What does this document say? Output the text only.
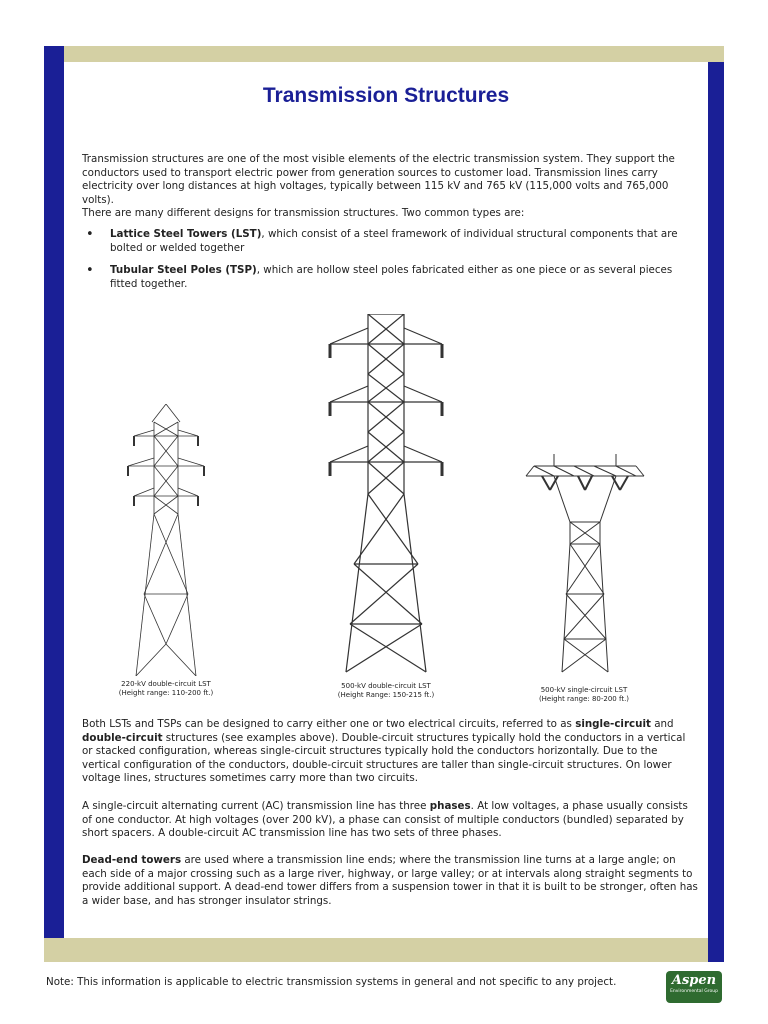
Transmission Structures

Transmission structures are one of the most visible elements of the electric transmission system. They support the conductors used to transport electric power from generation sources to customer load. Transmission lines carry electricity over long distances at high voltages, typically between 115 kV and 765 kV (115,000 volts and 765,000 volts).

There are many different designs for transmission structures. Two common types are:

• Lattice Steel Towers (LST), which consist of a steel framework of individual structural components that are bolted or welded together
• Tubular Steel Poles (TSP), which are hollow steel poles fabricated either as one piece or as several pieces fitted together.
220-kV double-circuit LST
(Height range: 110-200 ft.)
500-kV double-circuit LST
(Height Range: 150-215 ft.)
500-kV single-circuit LST
(Height range: 80-200 ft.)

Both LSTs and TSPs can be designed to carry either one or two electrical circuits, referred to as single-circuit and double-circuit structures (see examples above). Double-circuit structures typically hold the conductors in a vertical or stacked configuration, whereas single-circuit structures typically hold the conductors horizontally. Due to the vertical configuration of the conductors, double-circuit structures are taller than single-circuit structures. On lower voltage lines, structures sometimes carry more than two circuits.

A single-circuit alternating current (AC) transmission line has three phases. At low voltages, a phase usually consists of one conductor. At high voltages (over 200 kV), a phase can consist of multiple conductors (bundled) separated by short spacers. A double-circuit AC transmission line has two sets of three phases.

Dead-end towers are used where a transmission line ends; where the transmission line turns at a large angle; on each side of a major crossing such as a large river, highway, or large valley; or at intervals along straight segments to provide additional support. A dead-end tower differs from a suspension tower in that it is built to be stronger, often has a wider base, and has stronger insulator strings.

Note: This information is applicable to electric transmission systems in general and not specific to any project.	Aspen
Environmental Group
